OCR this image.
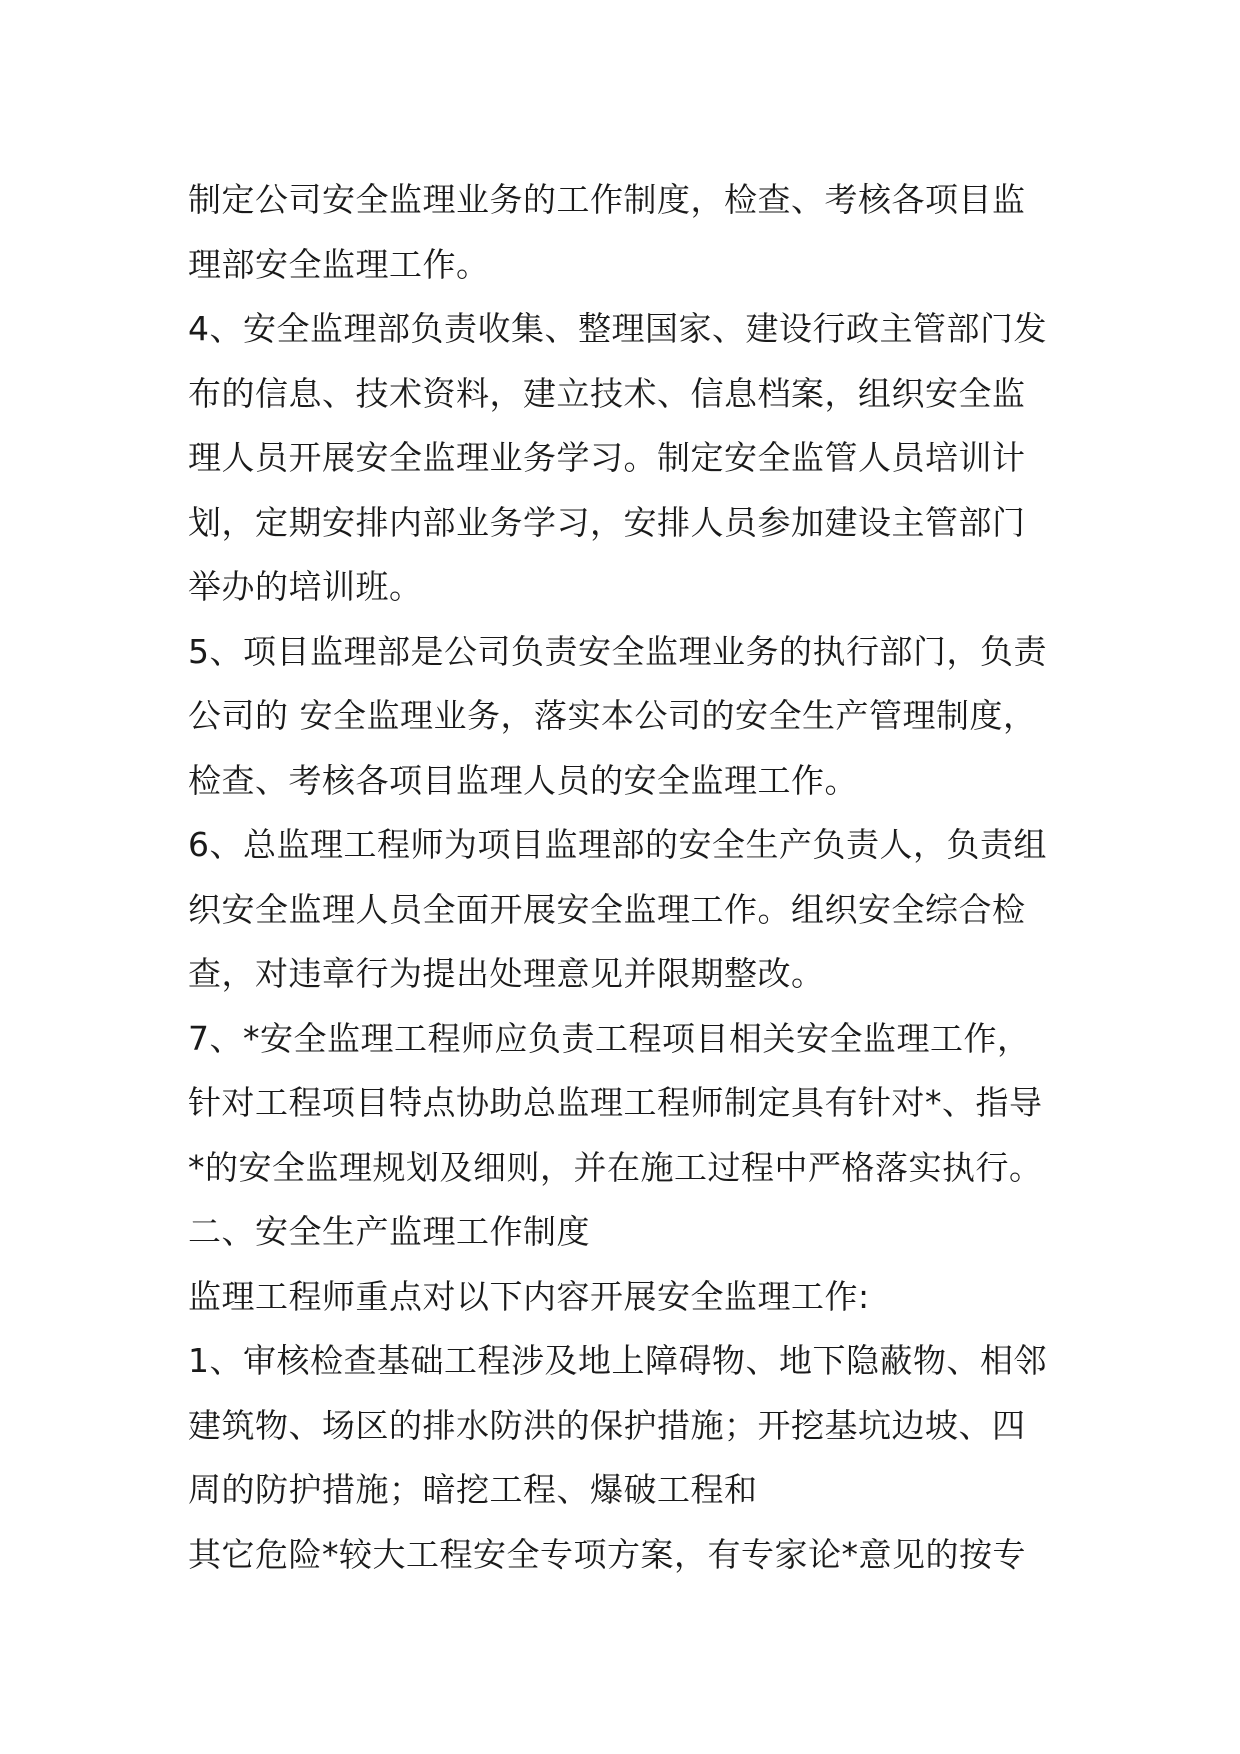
制定公司安全监理业务的工作制度，检查、考核各项目监
理部安全监理工作。
4、安全监理部负责收集、整理国家、建设行政主管部门发
布的信息、技术资料，建立技术、信息档案，组织安全监
理人员开展安全监理业务学习。制定安全监管人员培训计
划，定期安排内部业务学习，安排人员参加建设主管部门
举办的培训班。
5、项目监理部是公司负责安全监理业务的执行部门，负责
公司的 安全监理业务，落实本公司的安全生产管理制度，
检查、考核各项目监理人员的安全监理工作。
6、总监理工程师为项目监理部的安全生产负责人，负责组
织安全监理人员全面开展安全监理工作。组织安全综合检
查，对违章行为提出处理意见并限期整改。
7、*安全监理工程师应负责工程项目相关安全监理工作，
针对工程项目特点协助总监理工程师制定具有针对*、指导
*的安全监理规划及细则，并在施工过程中严格落实执行。
二、安全生产监理工作制度
监理工程师重点对以下内容开展安全监理工作:
1、审核检查基础工程涉及地上障碍物、地下隐蔽物、相邻
建筑物、场区的排水防洪的保护措施；开挖基坑边坡、四
周的防护措施；暗挖工程、爆破工程和
其它危险*较大工程安全专项方案，有专家论*意见的按专
